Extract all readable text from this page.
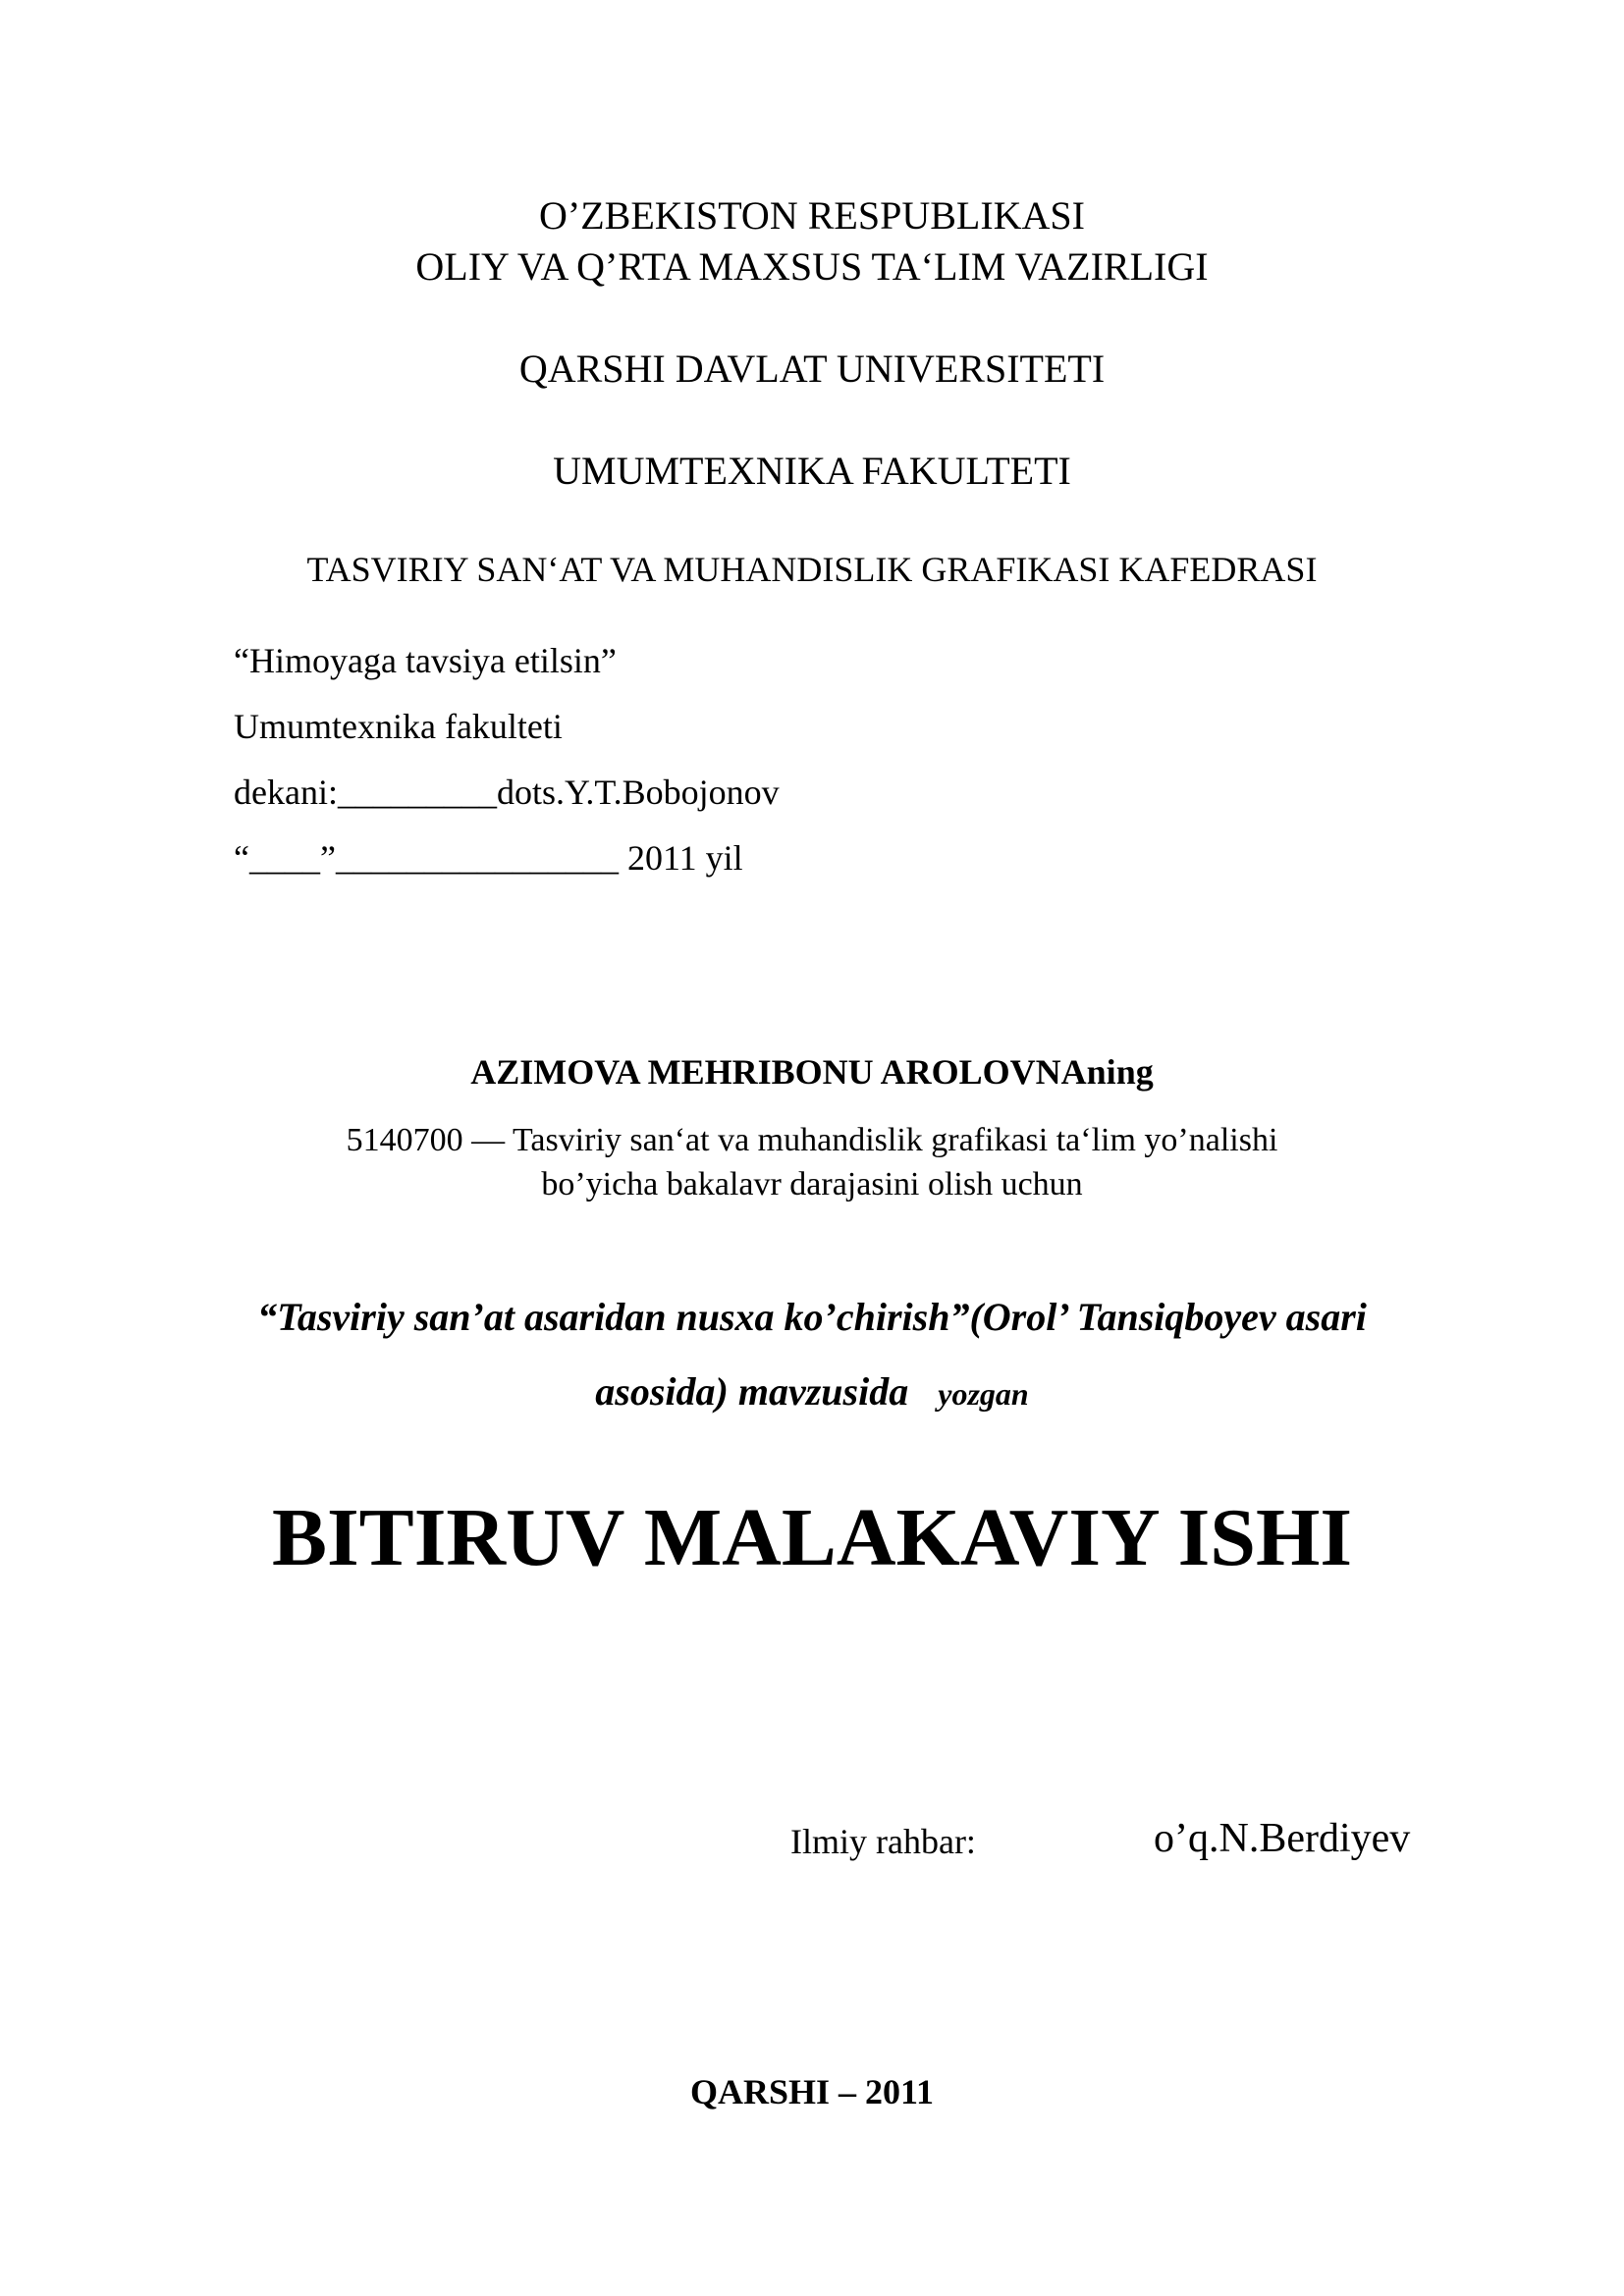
O’ZBEKISTON RESPUBLIKASI
OLIY VA Q’RTA MAXSUS TA‘LIM VAZIRLIGI
QARSHI DAVLAT UNIVERSITETI
UMUMTEXNIKA FAKULTETI
TASVIRIY SAN‘AT VA MUHANDISLIK GRAFIKASI KAFEDRASI
“Himoyaga tavsiya etilsin”
Umumtexnika fakulteti
dekani:_________dots.Y.T.Bobojonov
“____”________________ 2011 yil
AZIMOVA MEHRIBONU AROLOVNAning
5140700 — Tasviriy san‘at va muhandislik grafikasi ta‘lim yo’nalishi
bo’yicha bakalavr darajasini olish uchun
“Tasviriy san’at asaridan nusxa ko’chirish”(Orol’ Tansiqboyev asari
asosida) mavzusida yozgan
BITIRUV MALAKAVIY ISHI
Ilmiy rahbar:	o’q.N.Berdiyev
QARSHI – 2011
